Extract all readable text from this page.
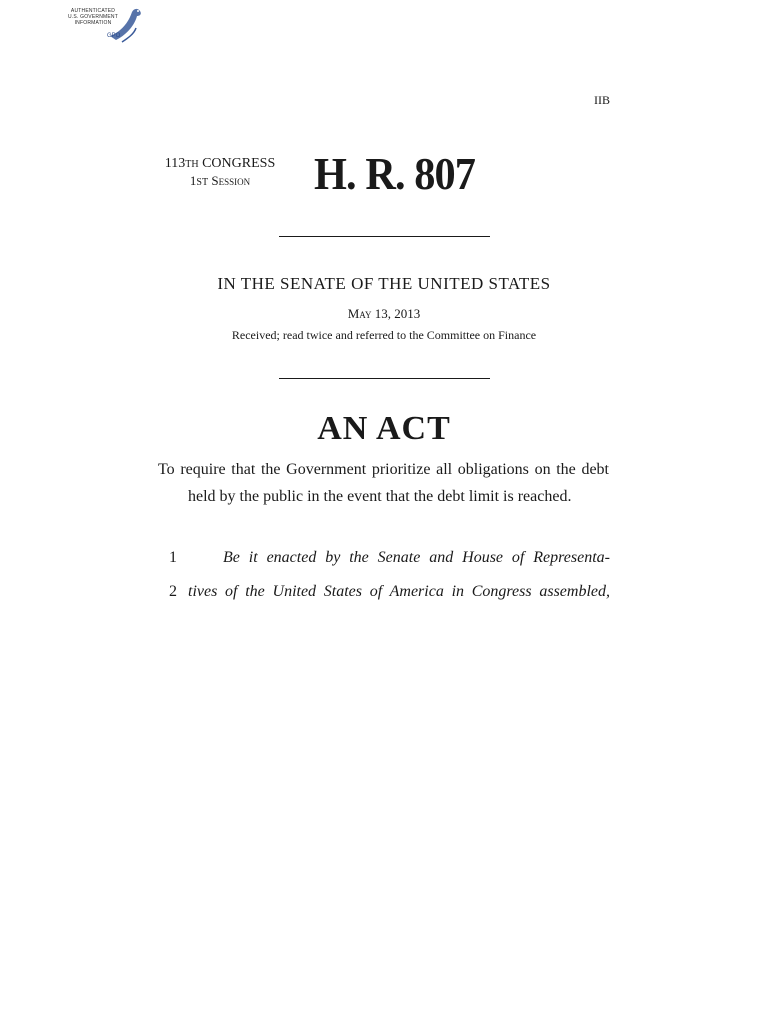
AUTHENTICATED
U.S. GOVERNMENT
INFORMATION
GPO
IIB
113TH CONGRESS
1ST Session	H. R. 807
IN THE SENATE OF THE UNITED STATES
May 13, 2013
Received; read twice and referred to the Committee on Finance
AN ACT
To require that the Government prioritize all obligations on the debt held by the public in the event that the debt limit is reached.
1	Be it enacted by the Senate and House of Representa-
2 tives of the United States of America in Congress assembled,
